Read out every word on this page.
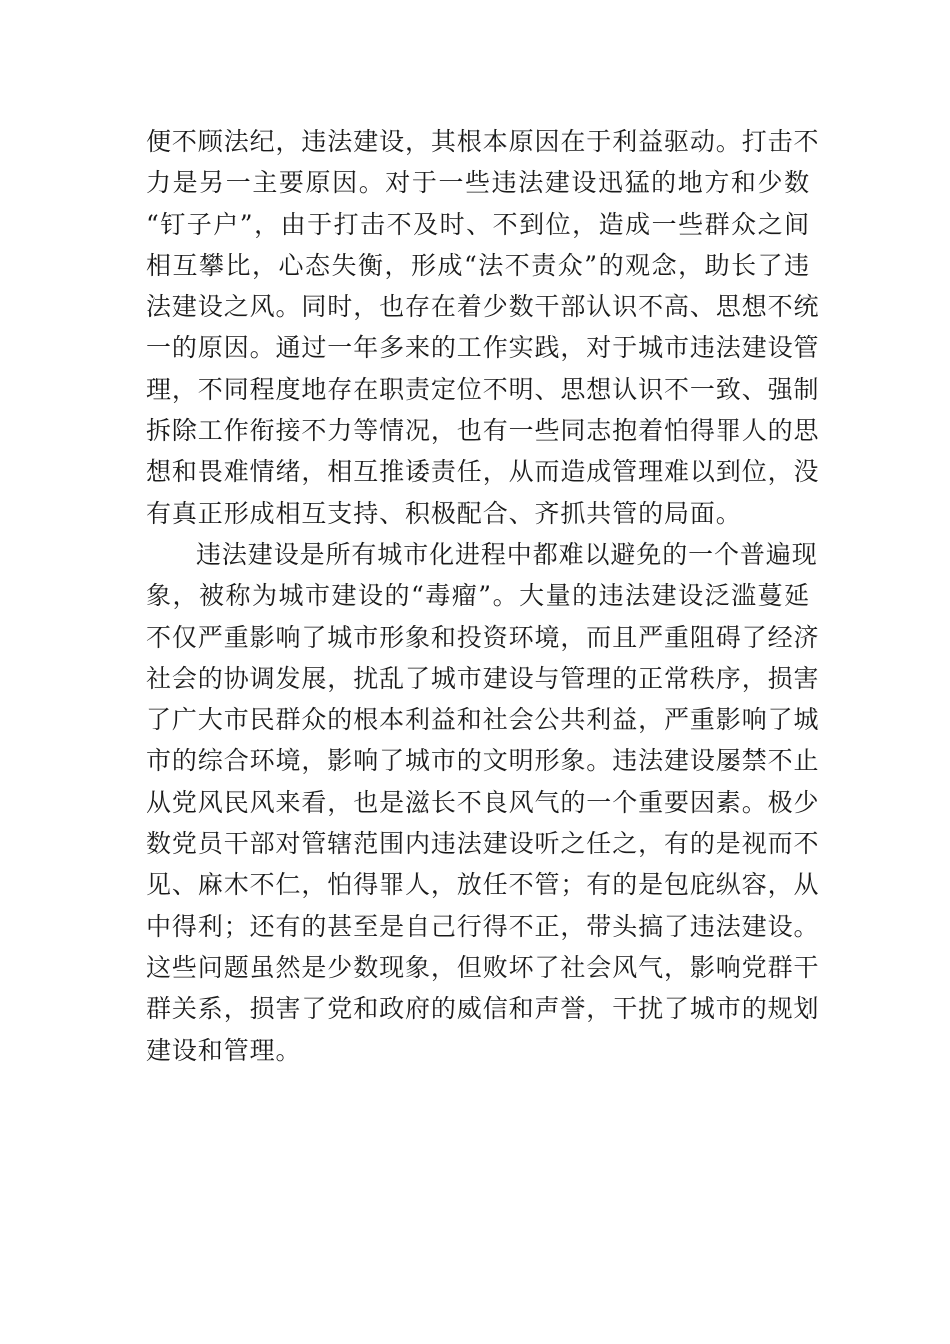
便不顾法纪，违法建设，其根本原因在于利益驱动。打击不
力是另一主要原因。对于一些违法建设迅猛的地方和少数
“钉子户”，由于打击不及时、不到位，造成一些群众之间
相互攀比，心态失衡，形成“法不责众”的观念，助长了违
法建设之风。同时，也存在着少数干部认识不高、思想不统
一的原因。通过一年多来的工作实践，对于城市违法建设管
理，不同程度地存在职责定位不明、思想认识不一致、强制
拆除工作衔接不力等情况，也有一些同志抱着怕得罪人的思
想和畏难情绪，相互推诿责任，从而造成管理难以到位，没
有真正形成相互支持、积极配合、齐抓共管的局面。
违法建设是所有城市化进程中都难以避免的一个普遍现
象，被称为城市建设的“毒瘤”。大量的违法建设泛滥蔓延
不仅严重影响了城市形象和投资环境，而且严重阻碍了经济
社会的协调发展，扰乱了城市建设与管理的正常秩序，损害
了广大市民群众的根本利益和社会公共利益，严重影响了城
市的综合环境，影响了城市的文明形象。违法建设屡禁不止
从党风民风来看，也是滋长不良风气的一个重要因素。极少
数党员干部对管辖范围内违法建设听之任之，有的是视而不
见、麻木不仁，怕得罪人，放任不管；有的是包庇纵容，从
中得利；还有的甚至是自己行得不正，带头搞了违法建设。
这些问题虽然是少数现象，但败坏了社会风气，影响党群干
群关系，损害了党和政府的威信和声誉，干扰了城市的规划
建设和管理。
